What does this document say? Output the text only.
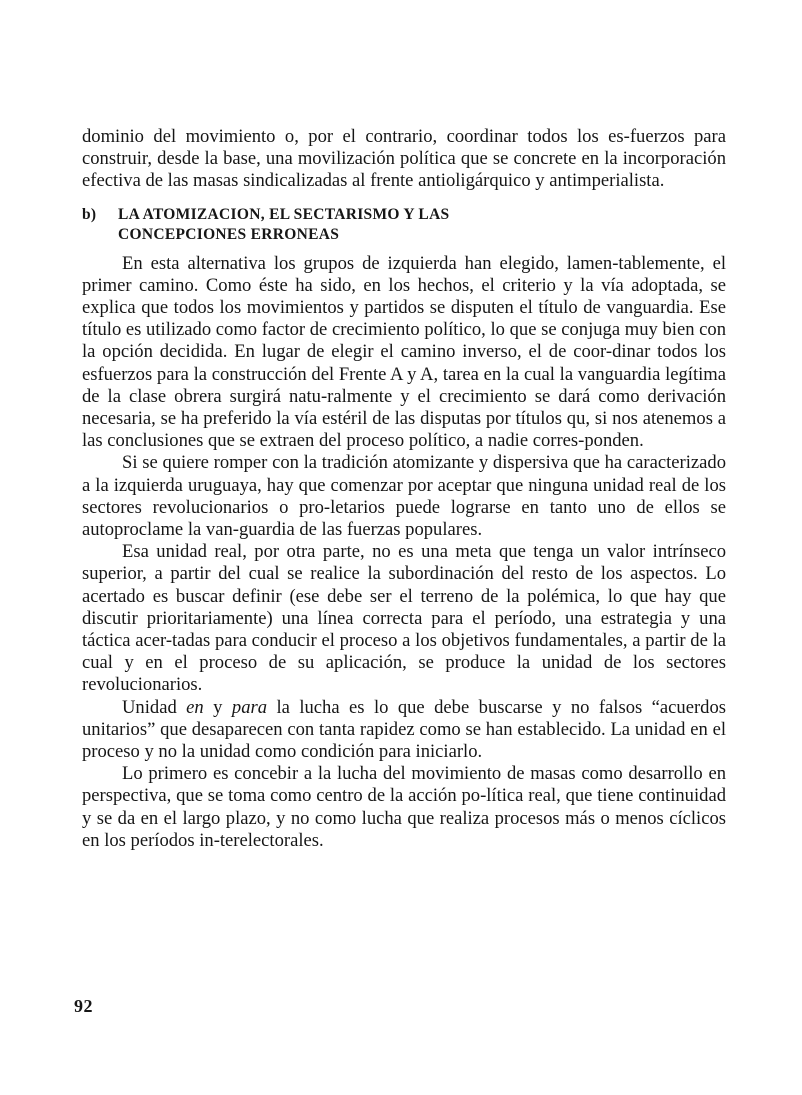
dominio del movimiento o, por el contrario, coordinar todos los es-fuerzos para construir, desde la base, una movilización política que se concrete en la incorporación efectiva de las masas sindicalizadas al frente antioligárquico y antimperialista.

b)	LA ATOMIZACION, EL SECTARISMO Y LAS
CONCEPCIONES ERRONEAS

En esta alternativa los grupos de izquierda han elegido, lamen-tablemente, el primer camino. Como éste ha sido, en los hechos, el criterio y la vía adoptada, se explica que todos los movimientos y partidos se disputen el título de vanguardia. Ese título es utilizado como factor de crecimiento político, lo que se conjuga muy bien con la opción decidida. En lugar de elegir el camino inverso, el de coor-dinar todos los esfuerzos para la construcción del Frente A y A, tarea en la cual la vanguardia legítima de la clase obrera surgirá natu-ralmente y el crecimiento se dará como derivación necesaria, se ha preferido la vía estéril de las disputas por títulos qu, si nos atenemos a las conclusiones que se extraen del proceso político, a nadie corres-ponden.

Si se quiere romper con la tradición atomizante y dispersiva que ha caracterizado a la izquierda uruguaya, hay que comenzar por aceptar que ninguna unidad real de los sectores revolucionarios o pro-letarios puede lograrse en tanto uno de ellos se autoproclame la van-guardia de las fuerzas populares.

Esa unidad real, por otra parte, no es una meta que tenga un valor intrínseco superior, a partir del cual se realice la subordinación del resto de los aspectos. Lo acertado es buscar definir (ese debe ser el terreno de la polémica, lo que hay que discutir prioritariamente) una línea correcta para el período, una estrategia y una táctica acer-tadas para conducir el proceso a los objetivos fundamentales, a partir de la cual y en el proceso de su aplicación, se produce la unidad de los sectores revolucionarios.

Unidad en y para la lucha es lo que debe buscarse y no falsos “acuerdos unitarios” que desaparecen con tanta rapidez como se han establecido. La unidad en el proceso y no la unidad como condición para iniciarlo.

Lo primero es concebir a la lucha del movimiento de masas como desarrollo en perspectiva, que se toma como centro de la acción po-lítica real, que tiene continuidad y se da en el largo plazo, y no como lucha que realiza procesos más o menos cíclicos en los períodos in-terelectorales.

92
